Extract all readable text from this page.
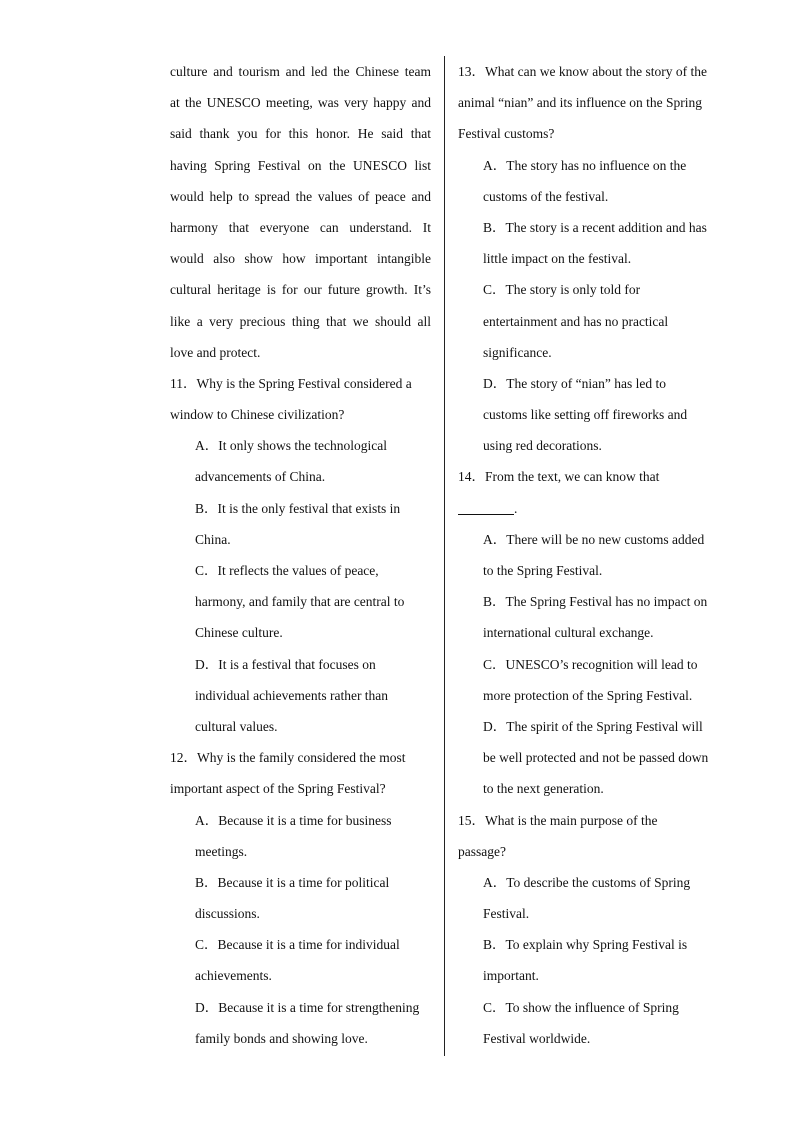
culture and tourism and led the Chinese team
at the UNESCO meeting, was very happy and
said thank you for this honor. He said that
having Spring Festival on the UNESCO list
would help to spread the values of peace and
harmony that everyone can understand. It
would also show how important intangible
cultural heritage is for our future growth. It’s
like a very precious thing that we should all
love and protect.
11．Why is the Spring Festival considered a
window to Chinese civilization?
A．It only shows the technological
advancements of China.
B．It is the only festival that exists in
China.
C．It reflects the values of peace,
harmony, and family that are central to
Chinese culture.
D．It is a festival that focuses on
individual achievements rather than
cultural values.
12．Why is the family considered the most
important aspect of the Spring Festival?
A．Because it is a time for business
meetings.
B．Because it is a time for political
discussions.
C．Because it is a time for individual
achievements.
D．Because it is a time for strengthening
family bonds and showing love.
13．What can we know about the story of the
animal “nian” and its influence on the Spring
Festival customs?
A．The story has no influence on the
customs of the festival.
B．The story is a recent addition and has
little impact on the festival.
C．The story is only told for
entertainment and has no practical
significance.
D．The story of “nian” has led to
customs like setting off fireworks and
using red decorations.
14．From the text, we can know that
.
A．There will be no new customs added
to the Spring Festival.
B．The Spring Festival has no impact on
international cultural exchange.
C．UNESCO’s recognition will lead to
more protection of the Spring Festival.
D．The spirit of the Spring Festival will
be well protected and not be passed down
to the next generation.
15．What is the main purpose of the
passage?
A．To describe the customs of Spring
Festival.
B．To explain why Spring Festival is
important.
C．To show the influence of Spring
Festival worldwide.
